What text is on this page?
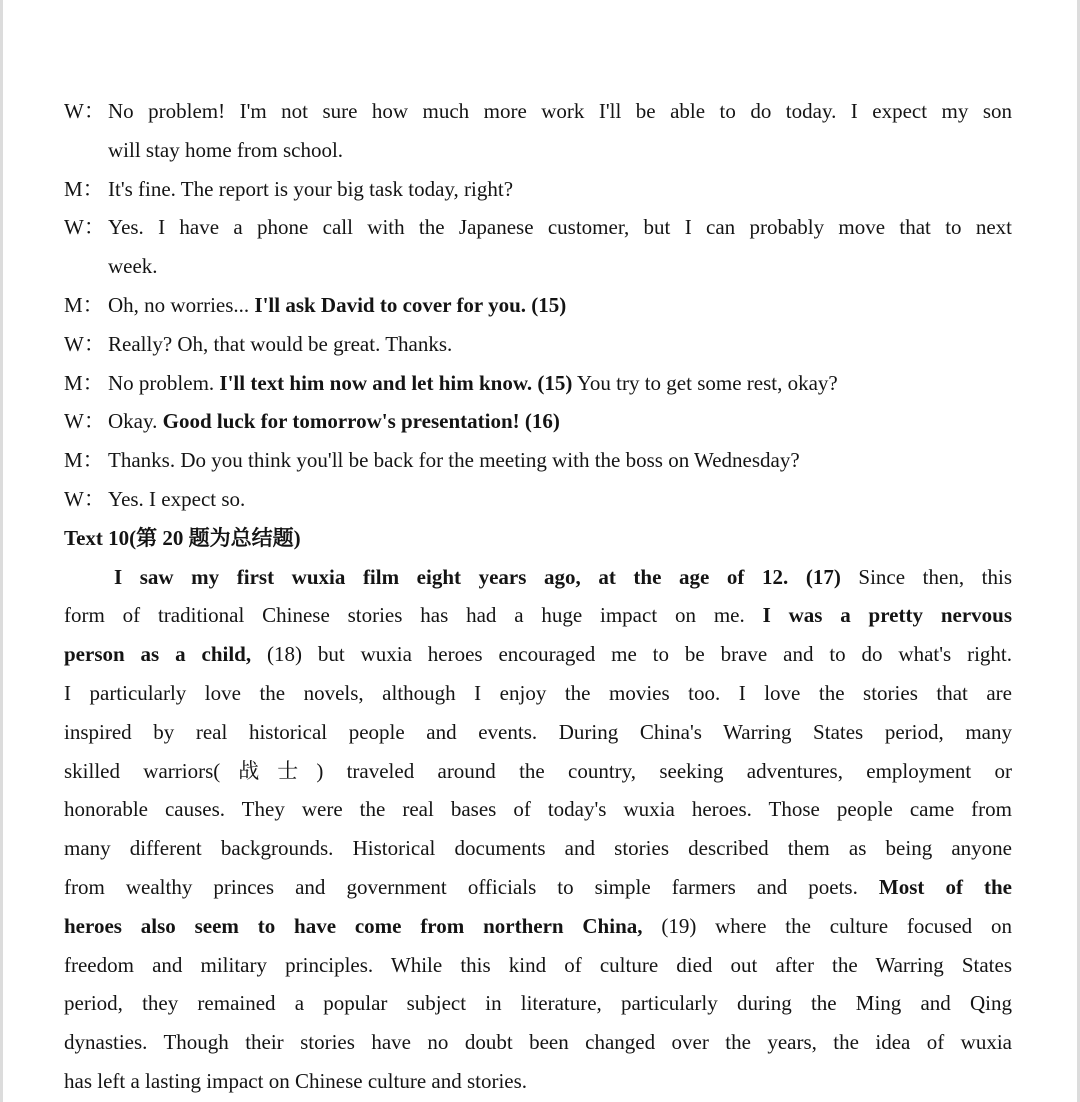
W： No problem! I'm not sure how much more work I'll be able to do today. I expect my son
will stay home from school.
M： It's fine. The report is your big task today, right?
W： Yes. I have a phone call with the Japanese customer, but I can probably move that to next
week.
M： Oh, no worries... I'll ask David to cover for you. (15)
W： Really? Oh, that would be great. Thanks.
M： No problem. I'll text him now and let him know. (15) You try to get some rest, okay?
W： Okay. Good luck for tomorrow's presentation! (16)
M： Thanks. Do you think you'll be back for the meeting with the boss on Wednesday?
W： Yes. I expect so.
Text 10(第 20 题为总结题)
I saw my first wuxia film eight years ago, at the age of 12. (17) Since then, this
form of traditional Chinese stories has had a huge impact on me. I was a pretty nervous
person as a child, (18) but wuxia heroes encouraged me to be brave and to do what's right.
I particularly love the novels, although I enjoy the movies too. I love the stories that are
inspired by real historical people and events. During China's Warring States period, many
skilled warriors(战士) traveled around the country, seeking adventures, employment or
honorable causes. They were the real bases of today's wuxia heroes. Those people came from
many different backgrounds. Historical documents and stories described them as being anyone
from wealthy princes and government officials to simple farmers and poets. Most of the
heroes also seem to have come from northern China, (19) where the culture focused on
freedom and military principles. While this kind of culture died out after the Warring States
period, they remained a popular subject in literature, particularly during the Ming and Qing
dynasties. Though their stories have no doubt been changed over the years, the idea of wuxia
has left a lasting impact on Chinese culture and stories.
